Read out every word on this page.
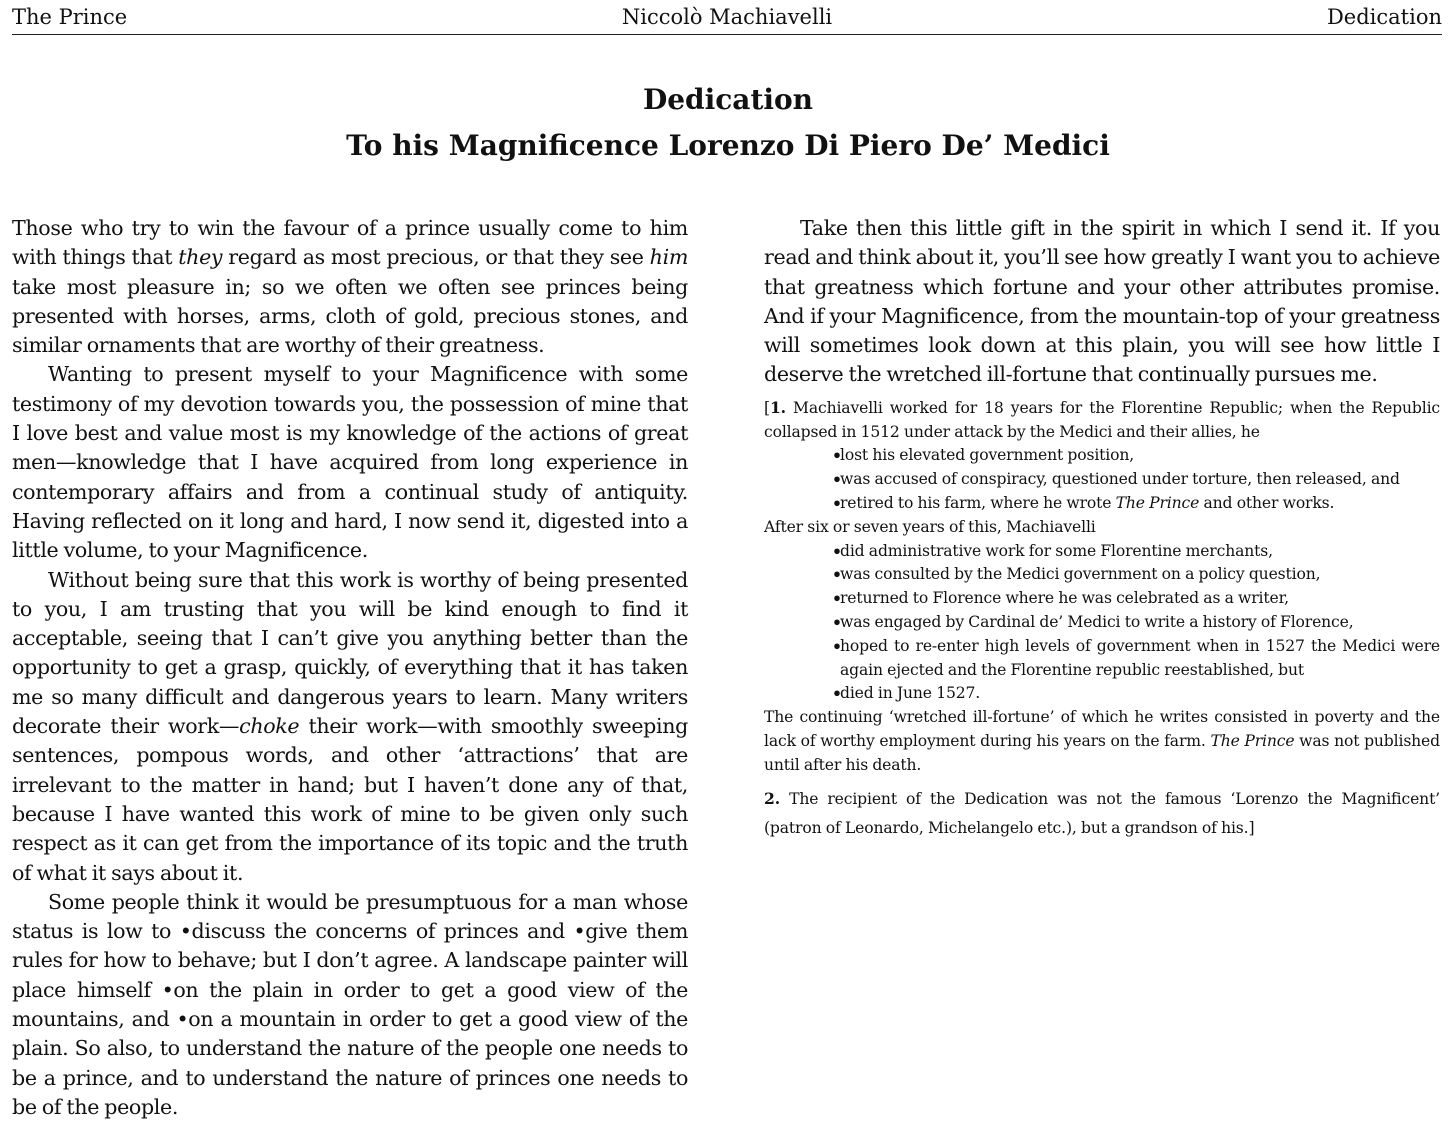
The Prince	Niccolò Machiavelli	Dedication
Dedication
To his Magnificence Lorenzo Di Piero De’ Medici

Those who try to win the favour of a prince usually come to him with things that they regard as most precious, or that they see him take most pleasure in; so we often we often see princes being presented with horses, arms, cloth of gold, precious stones, and similar ornaments that are worthy of their greatness.

Wanting to present myself to your Magnificence with some testimony of my devotion towards you, the possession of mine that I love best and value most is my knowledge of the actions of great men—knowledge that I have acquired from long experience in contemporary affairs and from a continual study of antiquity. Having reflected on it long and hard, I now send it, digested into a little volume, to your Magnificence.

Without being sure that this work is worthy of being presented to you, I am trusting that you will be kind enough to find it acceptable, seeing that I can’t give you anything better than the opportunity to get a grasp, quickly, of everything that it has taken me so many difficult and dangerous years to learn. Many writers decorate their work—choke their work—with smoothly sweeping sentences, pompous words, and other ‘attractions’ that are irrelevant to the matter in hand; but I haven’t done any of that, because I have wanted this work of mine to be given only such respect as it can get from the importance of its topic and the truth of what it says about it.

Some people think it would be presumptuous for a man whose status is low to •discuss the concerns of princes and •give them rules for how to behave; but I don’t agree. A landscape painter will place himself •on the plain in order to get a good view of the mountains, and •on a mountain in order to get a good view of the plain. So also, to understand the nature of the people one needs to be a prince, and to understand the nature of princes one needs to be of the people.

Take then this little gift in the spirit in which I send it. If you read and think about it, you’ll see how greatly I want you to achieve that greatness which fortune and your other attributes promise. And if your Magnificence, from the mountain-top of your greatness will sometimes look down at this plain, you will see how little I deserve the wretched ill-fortune that continually pursues me.

[1. Machiavelli worked for 18 years for the Florentine Republic; when the Republic collapsed in 1512 under attack by the Medici and their allies, he

• lost his elevated government position,
• was accused of conspiracy, questioned under torture, then released, and
• retired to his farm, where he wrote The Prince and other works.

After six or seven years of this, Machiavelli

• did administrative work for some Florentine merchants,
• was consulted by the Medici government on a policy question,
• returned to Florence where he was celebrated as a writer,
• was engaged by Cardinal de’ Medici to write a history of Florence,
• hoped to re-enter high levels of government when in 1527 the Medici were again ejected and the Florentine republic reestablished, but
• died in June 1527.

The continuing ‘wretched ill-fortune’ of which he writes consisted in poverty and the lack of worthy employment during his years on the farm. The Prince was not published until after his death.

2. The recipient of the Dedication was not the famous ‘Lorenzo the Magnificent’ (patron of Leonardo, Michelangelo etc.), but a grandson of his.]
